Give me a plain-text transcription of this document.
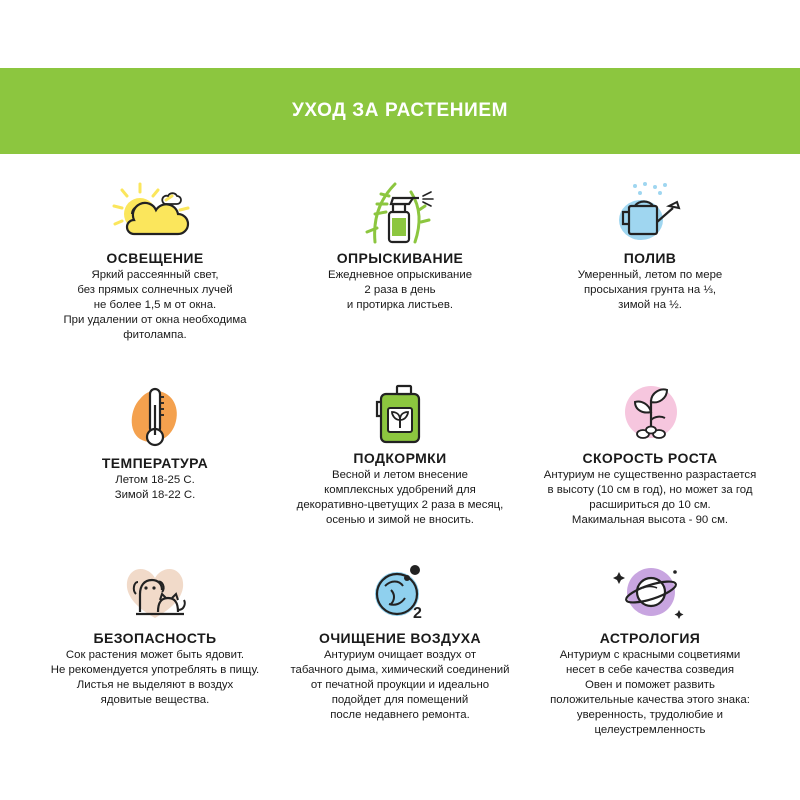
УХОД ЗА РАСТЕНИЕМ
ОСВЕЩЕНИЕ
Яркий рассеянный свет,
без прямых солнечных лучей
не более 1,5 м от окна.
При удалении от окна необходима
фитолампа.
ОПРЫСКИВАНИЕ
Ежедневное опрыскивание
2 раза в день
и протирка листьев.
ПОЛИВ
Умеренный, летом по мере
просыхания грунта на ⅓,
зимой на ½.
ТЕМПЕРАТУРА
Летом 18-25 С.
Зимой 18-22 С.
ПОДКОРМКИ
Весной и летом внесение
комплексных удобрений для
декоративно-цветущих 2 раза в месяц,
осенью и зимой не вносить.
СКОРОСТЬ РОСТА
Антуриум не существенно разрастается
в высоту (10 см в год), но может за год
расшириться до 10 см.
Макимальная высота - 90 см.
БЕЗОПАСНОСТЬ
Сок растения может быть ядовит.
Не рекомендуется употреблять в пищу.
Листья не выделяют в воздух
ядовитые вещества.
2
ОЧИЩЕНИЕ ВОЗДУХА
Антуриум очищает воздух от
табачного дыма, химический соединений
от печатной проукции и идеально
подойдет для помещений
после недавнего ремонта.
АСТРОЛОГИЯ
Антуриум с красными соцветиями
несет в себе качества созведия
Овен и поможет развить
положительные качества этого знака:
уверенность, трудолюбие и
целеустремленность
